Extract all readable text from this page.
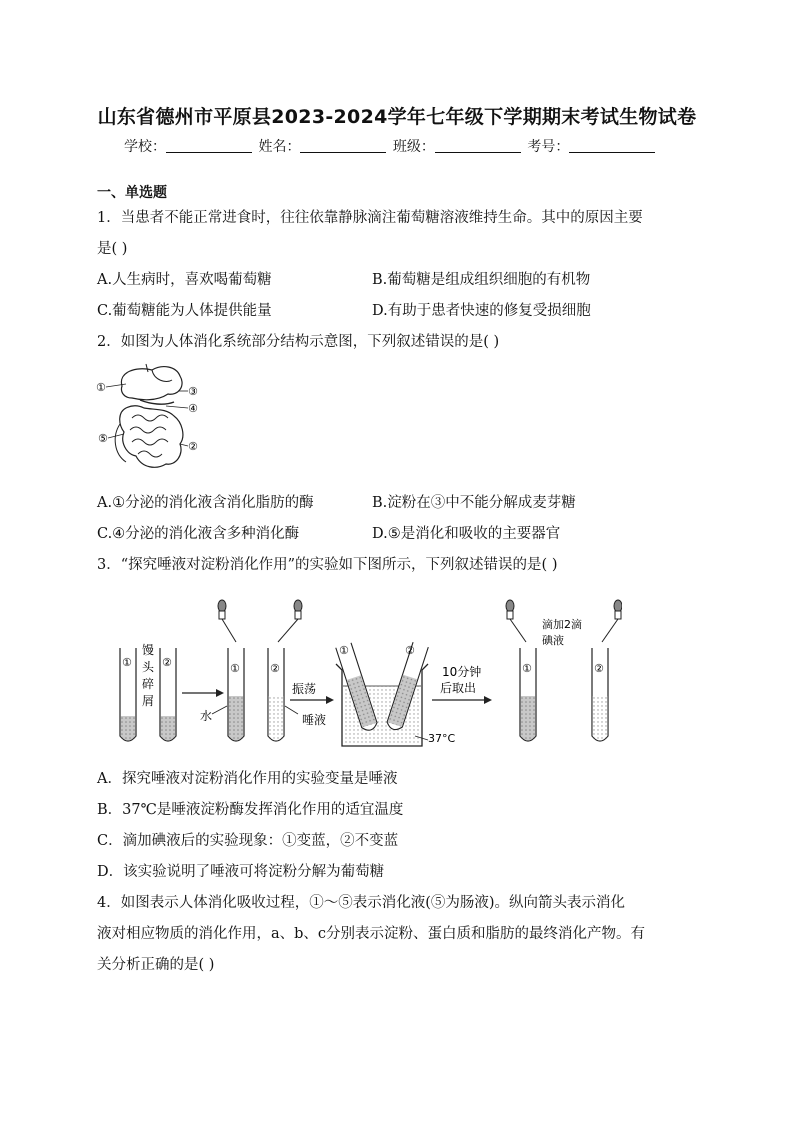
山东省德州市平原县2023-2024学年七年级下学期期末考试生物试卷
学校：	姓名：	班级：	考号：
一、单选题
1．当患者不能正常进食时，往往依靠静脉滴注葡萄糖溶液维持生命。其中的原因主要
是( )
A.人生病时，喜欢喝葡萄糖	B.葡萄糖是组成组织细胞的有机物
C.葡萄糖能为人体提供能量	D.有助于患者快速的修复受损细胞
2．如图为人体消化系统部分结构示意图，下列叙述错误的是( )
①	③
④
⑤
②
A.①分泌的消化液含消化脂肪的酶	B.淀粉在③中不能分解成麦芽糖
C.④分泌的消化液含多种消化酶	D.⑤是消化和吸收的主要器官
3．“探究唾液对淀粉消化作用”的实验如下图所示，下列叙述错误的是( )
①	②
馒
头
碎
屑
①	②
水	唾液
振荡
①	②
37°C
10分钟
后取出
①	②
滴加2滴
碘液
A．探究唾液对淀粉消化作用的实验变量是唾液
B．37℃是唾液淀粉酶发挥消化作用的适宜温度
C．滴加碘液后的实验现象：①变蓝，②不变蓝
D．该实验说明了唾液可将淀粉分解为葡萄糖
4．如图表示人体消化吸收过程，①～⑤表示消化液(⑤为肠液)。纵向箭头表示消化
液对相应物质的消化作用，a、b、c分别表示淀粉、蛋白质和脂肪的最终消化产物。有
关分析正确的是( )
